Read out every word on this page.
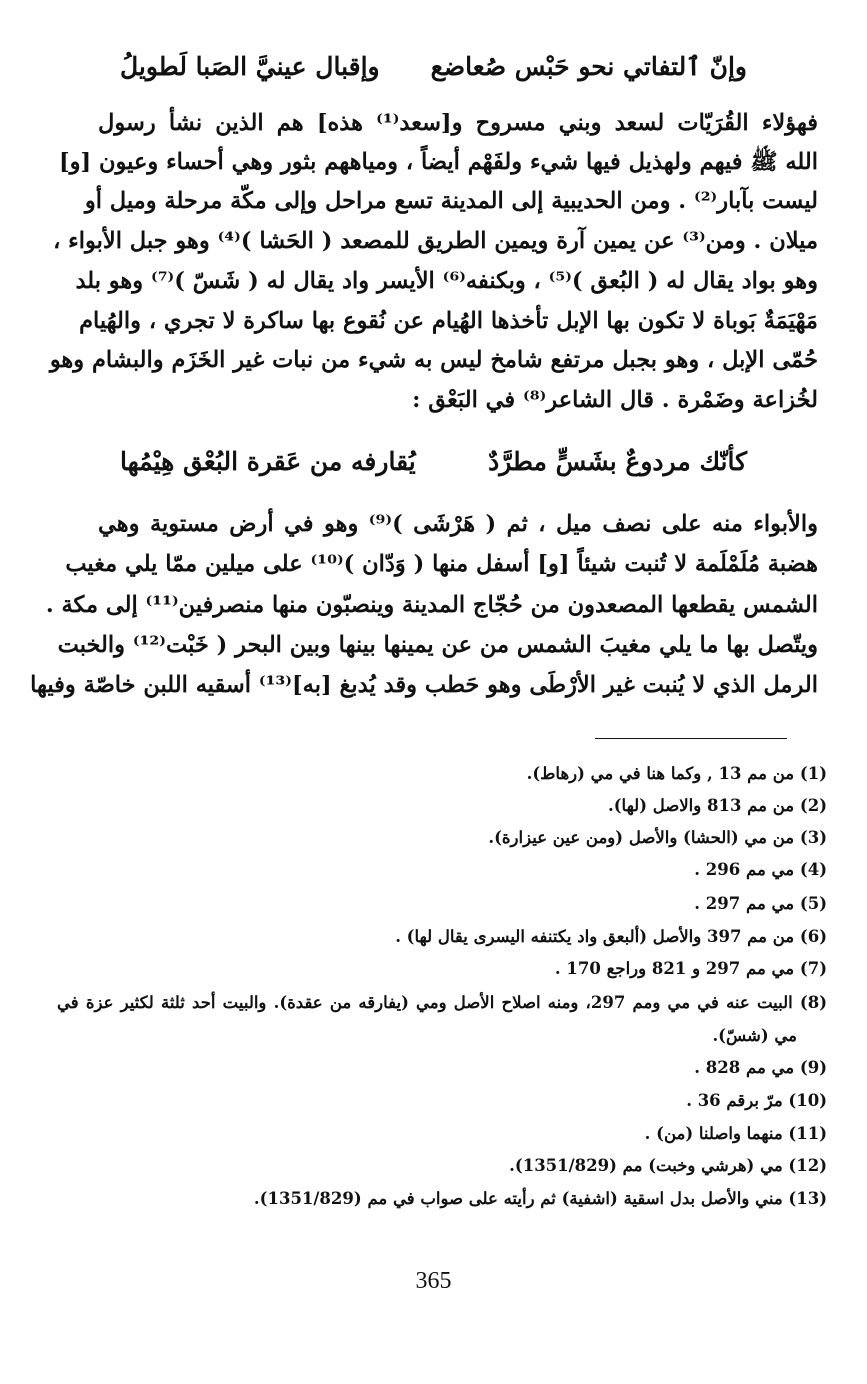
وإنّ ٱلتفاتي نحو حَبْس صُعاضع
وإقبال عينيَّ الصَبا لَطويلُ
فهؤلاء القُرَيّات لسعد وبني مسروح و[سعد⁽¹⁾ هذه] هم الذين نشأ رسول
الله ﷺ فيهم ولهذيل فيها شيء ولفَهْم أيضاً ، ومياههم بثور وهي أحساء وعيون [و]
ليست بآبار⁽²⁾ . ومن الحديبية إلى المدينة تسع مراحل وإلى مكّة مرحلة وميل أو
ميلان . ومن⁽³⁾ عن يمين آرة ويمين الطريق للمصعد ( الحَشا )⁽⁴⁾ وهو جبل الأبواء ،
وهو بواد يقال له ( البُعق )⁽⁵⁾ ، وبكنفه⁽⁶⁾ الأيسر واد يقال له ( شَسّ )⁽⁷⁾ وهو بلد
مَهْيَمَةٌ بَوباة لا تكون بها الإبل تأخذها الهُيام عن نُقوع بها ساكرة لا تجري ، والهُيام
حُمّى الإبل ، وهو بجبل مرتفع شامخ ليس به شيء من نبات غير الخَزَم والبشام وهو
لخُزاعة وضَمْرة . قال الشاعر⁽⁸⁾ في البَعْق :
كأنّك مردوعٌ بشَسٍّ مطرَّدٌ
يُقارفه من عَقرة البُعْق هِيْمُها
والأبواء منه على نصف ميل ، ثم ( هَرْشَى )⁽⁹⁾ وهو في أرض مستوية وهي
هضبة مُلَمْلَمة لا تُنبت شيئاً [و] أسفل منها ( وَدّان )⁽¹⁰⁾ على ميلين ممّا يلي مغيب
الشمس يقطعها المصعدون من حُجّاج المدينة وينصبّون منها منصرفين⁽¹¹⁾ إلى مكة .
ويتّصل بها ما يلي مغيبَ الشمس من عن يمينها بينها وبين البحر ( خَبْت⁽¹²⁾ والخبت
الرمل الذي لا يُنبت غير الأرْطَى وهو حَطب وقد يُدبغ [به]⁽¹³⁾ أسقيه اللبن خاصّة وفيها
(1) من مم 13 , وكما هنا في مي (رهاط).
(2) من مم 813 والاصل (لها).
(3) من مي (الحشا) والأصل (ومن عين عيزارة).
(4) مي مم 296 .
(5) مي مم 297 .
(6) من مم 397 والأصل (ألبعق واد يكتنفه اليسرى يقال لها) .
(7) مي مم 297 و 821 وراجع 170 .
(8) البيت عنه في مي ومم 297، ومنه اصلاح الأصل ومي (يفارقه من عقدة). والبيت أحد ثلثة لكثير عزة في
مي (شسّ).
(9) مي مم 828 .
(10) مرّ برقم 36 .
(11) منهما واصلنا (من) .
(12) مي (هرشي وخبت) مم (1351/829).
(13) مني والأصل بدل اسقية (اشفية) ثم رأيته على صواب في مم (1351/829).
365
